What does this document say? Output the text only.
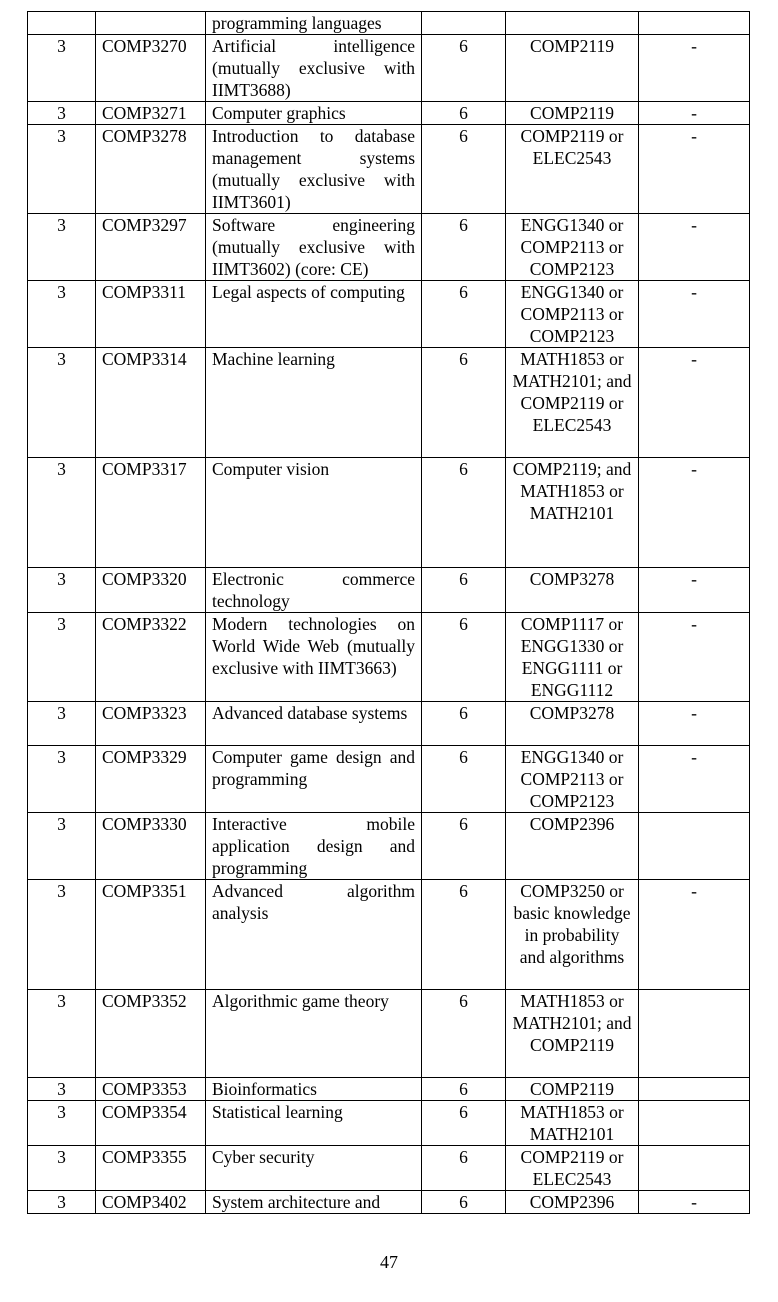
		programming languages			
3	COMP3270	Artificial intelligence (mutually exclusive with IIMT3688)	6	COMP2119	-
3	COMP3271	Computer graphics	6	COMP2119	-
3	COMP3278	Introduction to database management systems (mutually exclusive with IIMT3601)	6	COMP2119 or ELEC2543	-
3	COMP3297	Software engineering (mutually exclusive with IIMT3602) (core: CE)	6	ENGG1340 or COMP2113 or COMP2123	-
3	COMP3311	Legal aspects of computing	6	ENGG1340 or COMP2113 or COMP2123	-
3	COMP3314	Machine learning	6	MATH1853 or MATH2101; and COMP2119 or ELEC2543	-
3	COMP3317	Computer vision	6	COMP2119; and MATH1853 or MATH2101	-
3	COMP3320	Electronic commerce technology	6	COMP3278	-
3	COMP3322	Modern technologies on World Wide Web (mutually exclusive with IIMT3663)	6	COMP1117 or ENGG1330 or ENGG1111 or ENGG1112	-
3	COMP3323	Advanced database systems	6	COMP3278	-
3	COMP3329	Computer game design and programming	6	ENGG1340 or COMP2113 or COMP2123	-
3	COMP3330	Interactive mobile application design and programming	6	COMP2396	
3	COMP3351	Advanced algorithm analysis	6	COMP3250 or basic knowledge in probability and algorithms	-
3	COMP3352	Algorithmic game theory	6	MATH1853 or MATH2101; and COMP2119	
3	COMP3353	Bioinformatics	6	COMP2119	
3	COMP3354	Statistical learning	6	MATH1853 or MATH2101	
3	COMP3355	Cyber security	6	COMP2119 or ELEC2543	
3	COMP3402	System architecture and	6	COMP2396	-
47
